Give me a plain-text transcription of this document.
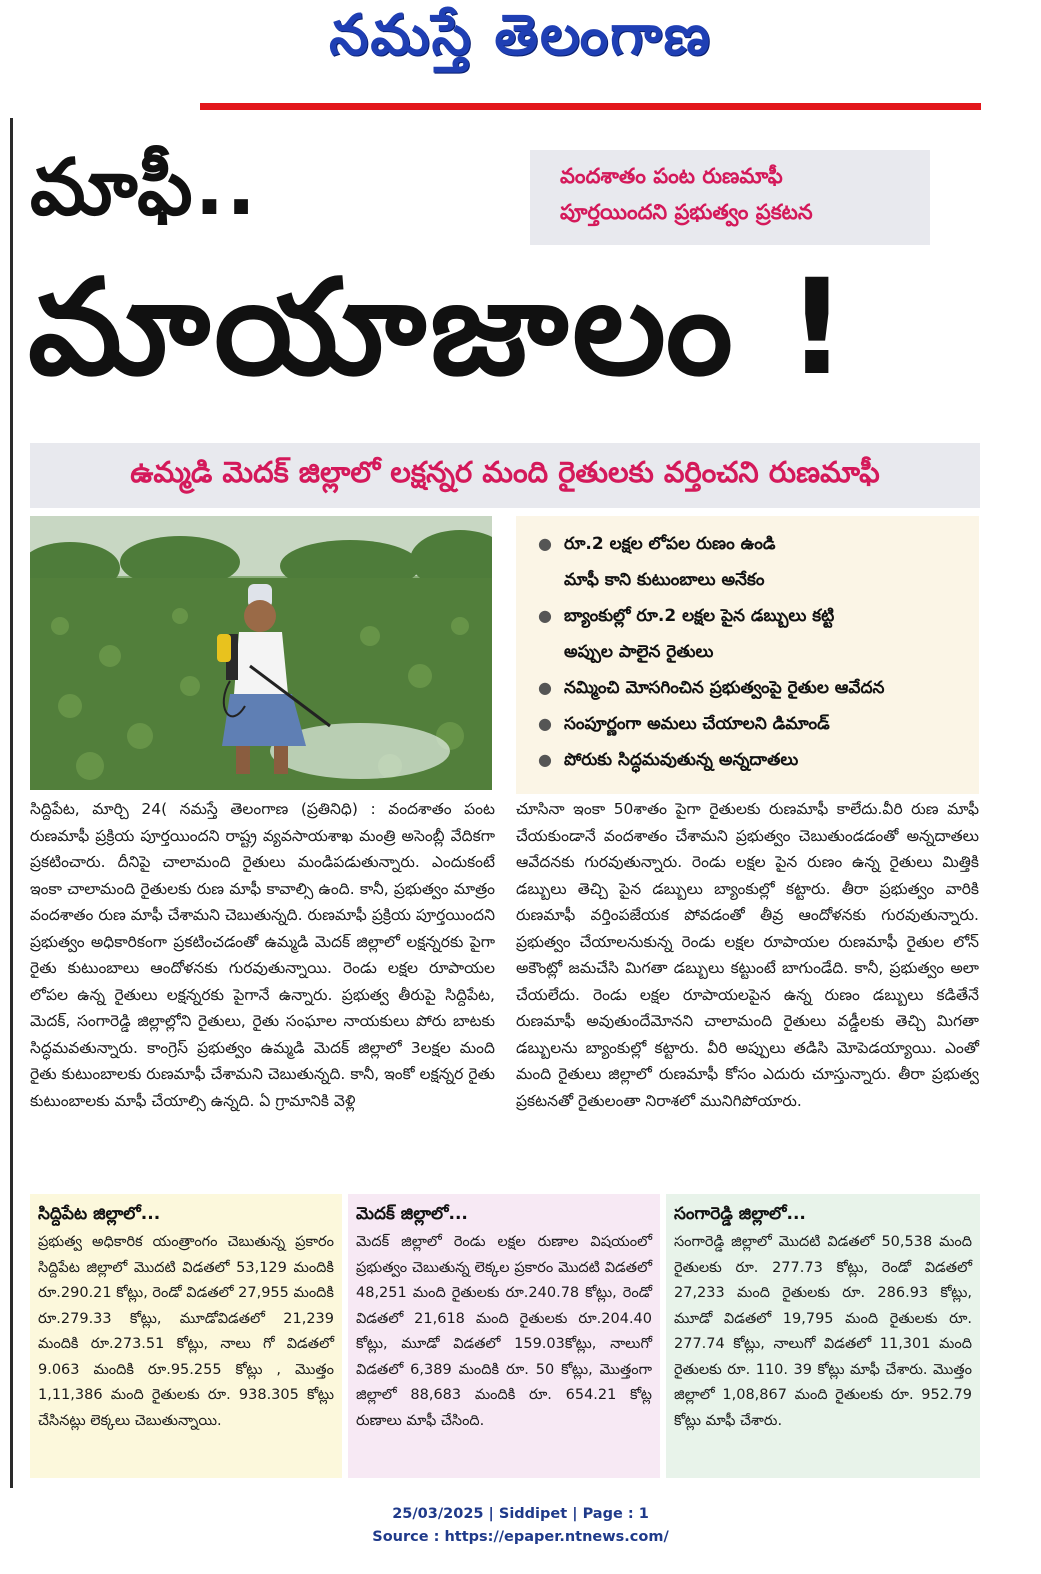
నమస్తే తెలంగాణ
మాఫీ..
మాయాజాలం !

వందశాతం పంట రుణమాఫీ

పూర్తయిందని ప్రభుత్వం ప్రకటన

ఉమ్మడి మెదక్ జిల్లాలో లక్షన్నర మంది రైతులకు వర్తించని రుణమాఫీ
● రూ.2 లక్షల లోపల రుణం ఉండి
మాఫీ కాని కుటుంబాలు అనేకం
● బ్యాంకుల్లో రూ.2 లక్షల పైన డబ్బులు కట్టి
అప్పుల పాలైన రైతులు
● నమ్మించి మోసగించిన ప్రభుత్వంపై రైతుల ఆవేదన
● సంపూర్ణంగా అమలు చేయాలని డిమాండ్
● పోరుకు సిద్ధమవుతున్న అన్నదాతలు
సిద్దిపేట, మార్చి 24( నమస్తే తెలంగాణ (ప్రతినిధి) : వందశాతం పంట రుణమాఫీ ప్రక్రియ పూర్తయిందని రాష్ట్ర వ్యవసాయశాఖ మంత్రి అసెంబ్లీ వేదికగా ప్రకటించారు. దీనిపై చాలామంది రైతులు మండిపడుతున్నారు. ఎందుకంటే ఇంకా చాలామంది రైతులకు రుణ మాఫీ కావాల్సి ఉంది. కానీ, ప్రభుత్వం మాత్రం వందశాతం రుణ మాఫీ చేశామని చెబుతున్నది. రుణమాఫీ ప్రక్రియ పూర్తయిందని ప్రభుత్వం అధికారికంగా ప్రకటించడంతో ఉమ్మడి మెదక్ జిల్లాలో లక్షన్నరకు పైగా రైతు కుటుంబాలు ఆందోళనకు గురవుతున్నాయి. రెండు లక్షల రూపాయల లోపల ఉన్న రైతులు లక్షన్నరకు పైగానే ఉన్నారు. ప్రభుత్వ తీరుపై సిద్దిపేట, మెదక్, సంగారెడ్డి జిల్లాల్లోని రైతులు, రైతు సంఘాల నాయకులు పోరు బాటకు సిద్ధమవతున్నారు. కాంగ్రెస్ ప్రభుత్వం ఉమ్మడి మెదక్ జిల్లాలో 3లక్షల మంది రైతు కుటుంబాలకు రుణమాఫీ చేశామని చెబుతున్నది. కానీ, ఇంకో లక్షన్నర రైతు కుటుంబాలకు మాఫీ చేయాల్సి ఉన్నది. ఏ గ్రామానికి వెళ్లి
చూసినా ఇంకా 50శాతం పైగా రైతులకు రుణమాఫీ కాలేదు.వీరి రుణ మాఫీ చేయకుండానే వందశాతం చేశామని ప్రభుత్వం చెబుతుండడంతో అన్నదాతలు ఆవేదనకు గురవుతున్నారు. రెండు లక్షల పైన రుణం ఉన్న రైతులు మిత్తికి డబ్బులు తెచ్చి పైన డబ్బులు బ్యాంకుల్లో కట్టారు. తీరా ప్రభుత్వం వారికి రుణమాఫీ వర్తింపజేయక పోవడంతో తీవ్ర ఆందోళనకు గురవుతున్నారు. ప్రభుత్వం చేయాలనుకున్న రెండు లక్షల రూపాయల రుణమాఫీ రైతుల లోన్ అకౌంట్లో జమచేసి మిగతా డబ్బులు కట్టుంటే బాగుండేది. కానీ, ప్రభుత్వం అలా చేయలేదు. రెండు లక్షల రూపాయలపైన ఉన్న రుణం డబ్బులు కడితేనే రుణమాఫీ అవుతుందేమోనని చాలామంది రైతులు వడ్డీలకు తెచ్చి మిగతా డబ్బులను బ్యాంకుల్లో కట్టారు. వీరి అప్పులు తడిసి మోపెడయ్యాయి. ఎంతో మంది రైతులు జిల్లాలో రుణమాఫీ కోసం ఎదురు చూస్తున్నారు. తీరా ప్రభుత్వ ప్రకటనతో రైతులంతా నిరాశలో మునిగిపోయారు.
సిద్దిపేట జిల్లాలో...

ప్రభుత్వ అధికారిక యంత్రాంగం చెబుతున్న ప్రకారం సిద్దిపేట జిల్లాలో మొదటి విడతలో 53,129 మందికి రూ.290.21 కోట్లు, రెండో విడతలో 27,955 మందికి రూ.279.33 కోట్లు, మూడోవిడతలో 21,239 మందికి రూ.273.51 కోట్లు, నాలు గో విడతలో 9.063 మందికి రూ.95.255 కోట్లు , మొత్తం 1,11,386 మంది రైతులకు రూ. 938.305 కోట్లు చేసినట్లు లెక్కలు చెబుతున్నాయి.

మెదక్ జిల్లాలో...

మెదక్ జిల్లాలో రెండు లక్షల రుణాల విషయంలో ప్రభుత్వం చెబుతున్న లెక్కల ప్రకారం మొదటి విడతలో 48,251 మంది రైతులకు రూ.240.78 కోట్లు, రెండో విడతలో 21,618 మంది రైతులకు రూ.204.40 కోట్లు, మూడో విడతలో 159.03కోట్లు, నాలుగో విడతలో 6,389 మందికి రూ. 50 కోట్లు, మొత్తంగా జిల్లాలో 88,683 మందికి రూ. 654.21 కోట్ల రుణాలు మాఫీ చేసింది.

సంగారెడ్డి జిల్లాలో...

సంగారెడ్డి జిల్లాలో మొదటి విడతలో 50,538 మంది రైతులకు రూ. 277.73 కోట్లు, రెండో విడతలో 27,233 మంది రైతులకు రూ. 286.93 కోట్లు, మూడో విడతలో 19,795 మంది రైతులకు రూ. 277.74 కోట్లు, నాలుగో విడతలో 11,301 మంది రైతులకు రూ. 110. 39 కోట్లు మాఫీ చేశారు. మొత్తం జిల్లాలో 1,08,867 మంది రైతులకు రూ. 952.79 కోట్లు మాఫీ చేశారు.

25/03/2025 | Siddipet | Page : 1
Source : https://epaper.ntnews.com/
